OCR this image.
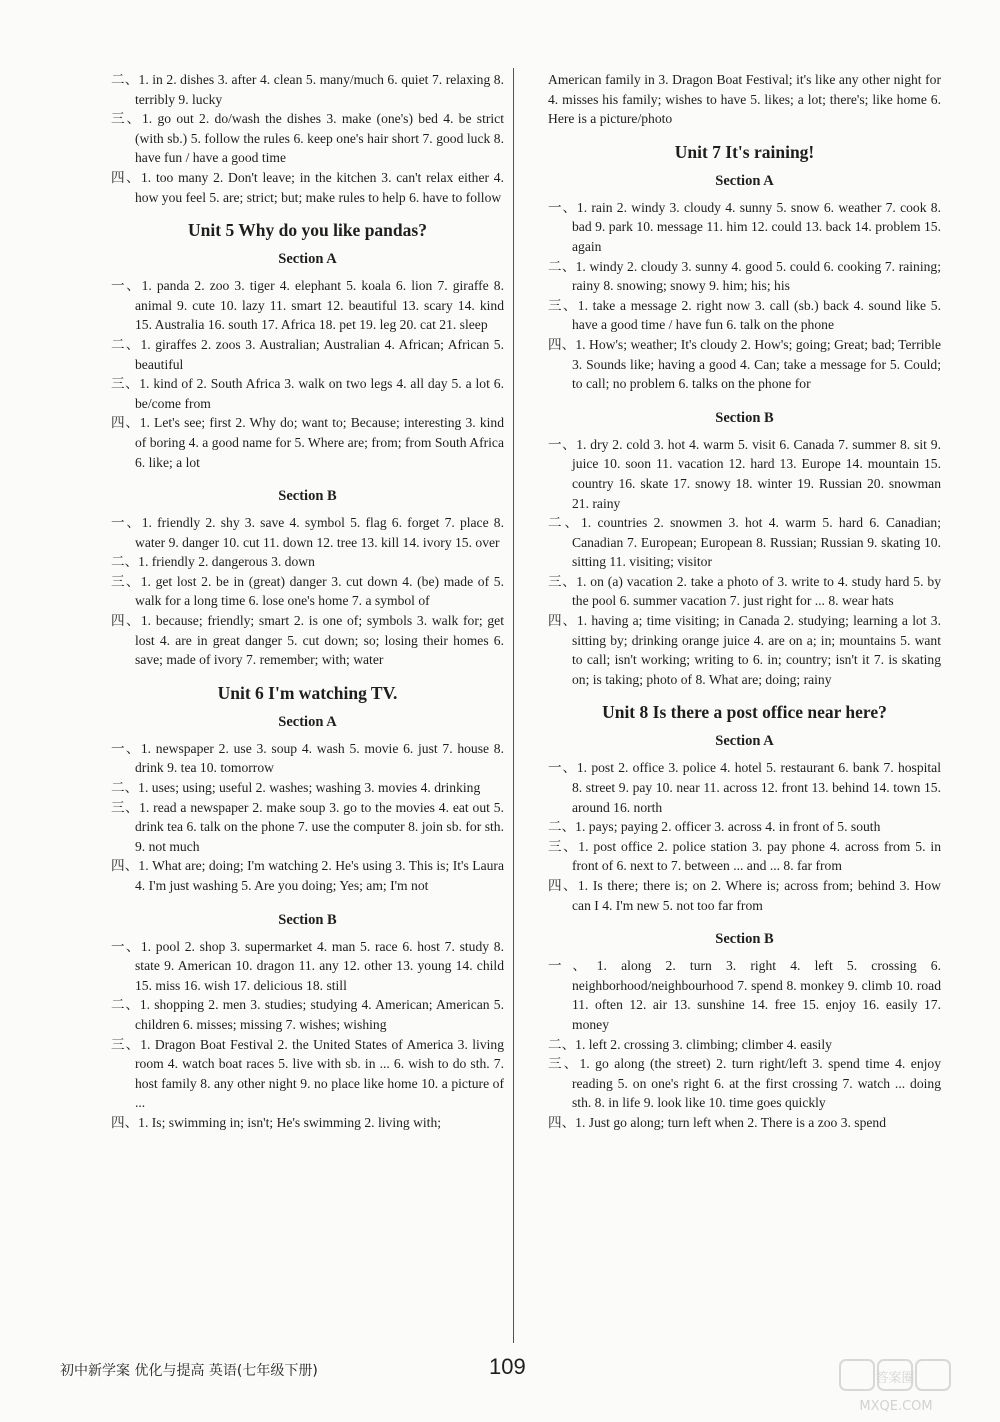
二、1. in 2. dishes 3. after 4. clean 5. many/much 6. quiet 7. relaxing 8. terribly 9. lucky

三、1. go out 2. do/wash the dishes 3. make (one's) bed 4. be strict (with sb.) 5. follow the rules 6. keep one's hair short 7. good luck 8. have fun / have a good time

四、1. too many 2. Don't leave; in the kitchen 3. can't relax either 4. how you feel 5. are; strict; but; make rules to help 6. have to follow

Unit 5 Why do you like pandas?
Section A

一、1. panda 2. zoo 3. tiger 4. elephant 5. koala 6. lion 7. giraffe 8. animal 9. cute 10. lazy 11. smart 12. beautiful 13. scary 14. kind 15. Australia 16. south 17. Africa 18. pet 19. leg 20. cat 21. sleep

二、1. giraffes 2. zoos 3. Australian; Australian 4. African; African 5. beautiful

三、1. kind of 2. South Africa 3. walk on two legs 4. all day 5. a lot 6. be/come from

四、1. Let's see; first 2. Why do; want to; Because; interesting 3. kind of boring 4. a good name for 5. Where are; from; from South Africa 6. like; a lot

Section B

一、1. friendly 2. shy 3. save 4. symbol 5. flag 6. forget 7. place 8. water 9. danger 10. cut 11. down 12. tree 13. kill 14. ivory 15. over

二、1. friendly 2. dangerous 3. down

三、1. get lost 2. be in (great) danger 3. cut down 4. (be) made of 5. walk for a long time 6. lose one's home 7. a symbol of

四、1. because; friendly; smart 2. is one of; symbols 3. walk for; get lost 4. are in great danger 5. cut down; so; losing their homes 6. save; made of ivory 7. remember; with; water

Unit 6 I'm watching TV.
Section A

一、1. newspaper 2. use 3. soup 4. wash 5. movie 6. just 7. house 8. drink 9. tea 10. tomorrow

二、1. uses; using; useful 2. washes; washing 3. movies 4. drinking

三、1. read a newspaper 2. make soup 3. go to the movies 4. eat out 5. drink tea 6. talk on the phone 7. use the computer 8. join sb. for sth. 9. not much

四、1. What are; doing; I'm watching 2. He's using 3. This is; It's Laura 4. I'm just washing 5. Are you doing; Yes; am; I'm not

Section B

一、1. pool 2. shop 3. supermarket 4. man 5. race 6. host 7. study 8. state 9. American 10. dragon 11. any 12. other 13. young 14. child 15. miss 16. wish 17. delicious 18. still

二、1. shopping 2. men 3. studies; studying 4. American; American 5. children 6. misses; missing 7. wishes; wishing

三、1. Dragon Boat Festival 2. the United States of America 3. living room 4. watch boat races 5. live with sb. in ... 6. wish to do sth. 7. host family 8. any other night 9. no place like home 10. a picture of ...

四、1. Is; swimming in; isn't; He's swimming 2. living with;

American family in 3. Dragon Boat Festival; it's like any other night for 4. misses his family; wishes to have 5. likes; a lot; there's; like home 6. Here is a picture/photo

Unit 7 It's raining!
Section A

一、1. rain 2. windy 3. cloudy 4. sunny 5. snow 6. weather 7. cook 8. bad 9. park 10. message 11. him 12. could 13. back 14. problem 15. again

二、1. windy 2. cloudy 3. sunny 4. good 5. could 6. cooking 7. raining; rainy 8. snowing; snowy 9. him; his; his

三、1. take a message 2. right now 3. call (sb.) back 4. sound like 5. have a good time / have fun 6. talk on the phone

四、1. How's; weather; It's cloudy 2. How's; going; Great; bad; Terrible 3. Sounds like; having a good 4. Can; take a message for 5. Could; to call; no problem 6. talks on the phone for

Section B

一、1. dry 2. cold 3. hot 4. warm 5. visit 6. Canada 7. summer 8. sit 9. juice 10. soon 11. vacation 12. hard 13. Europe 14. mountain 15. country 16. skate 17. snowy 18. winter 19. Russian 20. snowman 21. rainy

二、1. countries 2. snowmen 3. hot 4. warm 5. hard 6. Canadian; Canadian 7. European; European 8. Russian; Russian 9. skating 10. sitting 11. visiting; visitor

三、1. on (a) vacation 2. take a photo of 3. write to 4. study hard 5. by the pool 6. summer vacation 7. just right for ... 8. wear hats

四、1. having a; time visiting; in Canada 2. studying; learning a lot 3. sitting by; drinking orange juice 4. are on a; in; mountains 5. want to call; isn't working; writing to 6. in; country; isn't it 7. is skating on; is taking; photo of 8. What are; doing; rainy

Unit 8 Is there a post office near here?
Section A

一、1. post 2. office 3. police 4. hotel 5. restaurant 6. bank 7. hospital 8. street 9. pay 10. near 11. across 12. front 13. behind 14. town 15. around 16. north

二、1. pays; paying 2. officer 3. across 4. in front of 5. south

三、1. post office 2. police station 3. pay phone 4. across from 5. in front of 6. next to 7. between ... and ... 8. far from

四、1. Is there; there is; on 2. Where is; across from; behind 3. How can I 4. I'm new 5. not too far from

Section B

一、1. along 2. turn 3. right 4. left 5. crossing 6. neighborhood/neighbourhood 7. spend 8. monkey 9. climb 10. road 11. often 12. air 13. sunshine 14. free 15. enjoy 16. easily 17. money

二、1. left 2. crossing 3. climbing; climber 4. easily

三、1. go along (the street) 2. turn right/left 3. spend time 4. enjoy reading 5. on one's right 6. at the first crossing 7. watch ... doing sth. 8. in life 9. look like 10. time goes quickly

四、1. Just go along; turn left when 2. There is a zoo 3. spend

初中新学案 优化与提高 英语(七年级下册)	109	答案圈
MXQE.COM
